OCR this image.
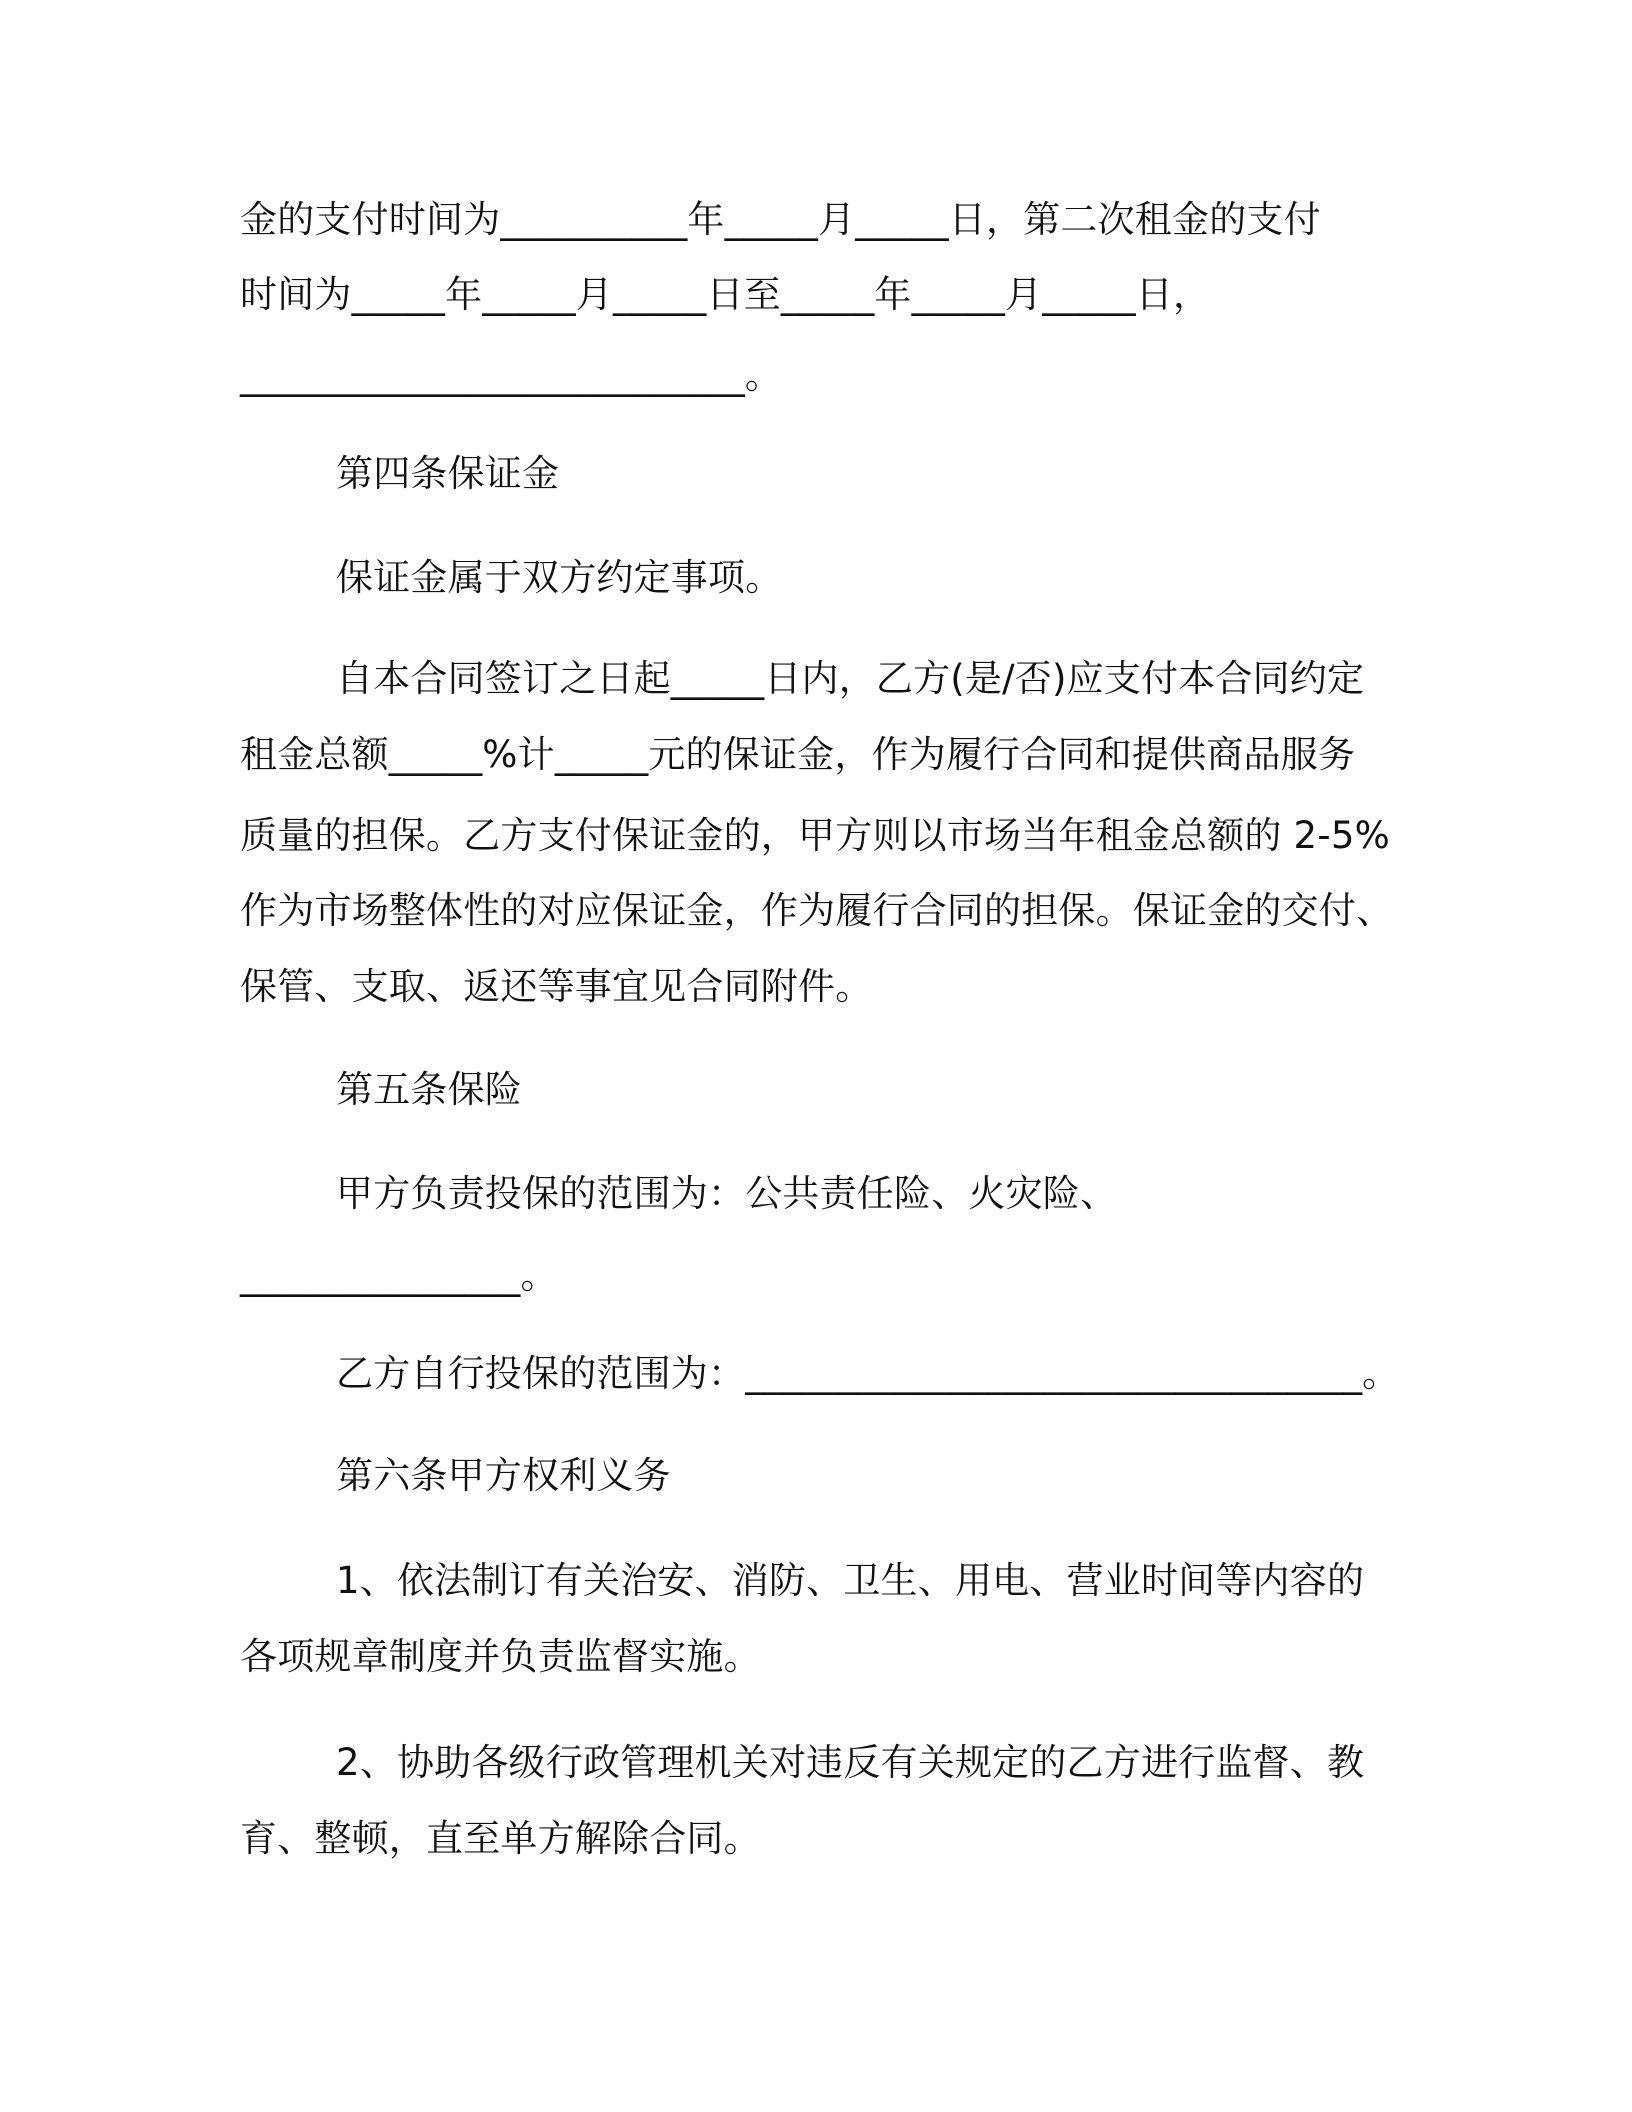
金的支付时间为__________年_____月_____日，第二次租金的支付
时间为_____年_____月_____日至_____年_____月_____日，
___________________________。
第四条保证金
保证金属于双方约定事项。
自本合同签订之日起_____日内，乙方(是/否)应支付本合同约定
租金总额_____%计_____元的保证金，作为履行合同和提供商品服务
质量的担保。乙方支付保证金的，甲方则以市场当年租金总额的 2-5%
作为市场整体性的对应保证金，作为履行合同的担保。保证金的交付、
保管、支取、返还等事宜见合同附件。
第五条保险
甲方负责投保的范围为：公共责任险、火灾险、
_______________。
乙方自行投保的范围为：_________________________________。
第六条甲方权利义务
1、依法制订有关治安、消防、卫生、用电、营业时间等内容的
各项规章制度并负责监督实施。
2、协助各级行政管理机关对违反有关规定的乙方进行监督、教
育、整顿，直至单方解除合同。
